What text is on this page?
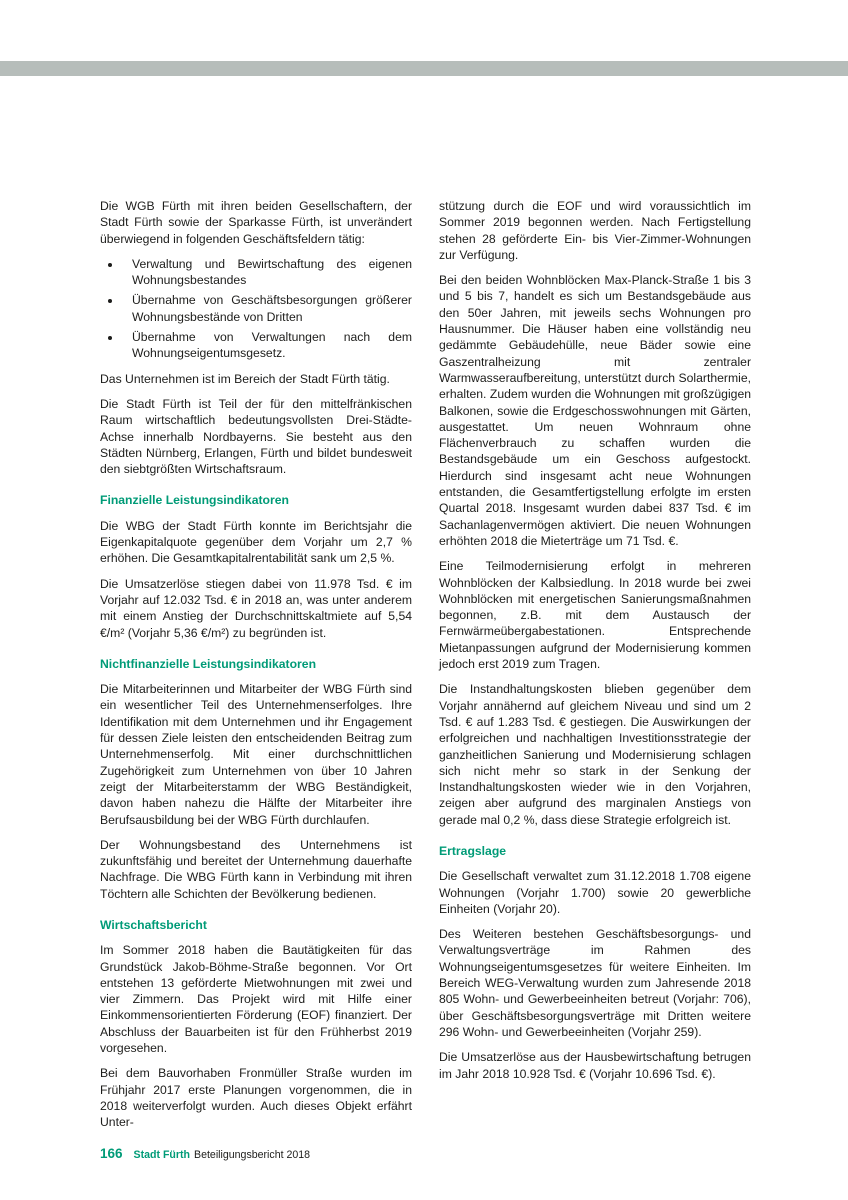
Die WGB Fürth mit ihren beiden Gesellschaftern, der Stadt Fürth sowie der Sparkasse Fürth, ist unverändert überwiegend in folgenden Geschäftsfeldern tätig:

• Verwaltung und Bewirtschaftung des eigenen Wohnungsbestandes
• Übernahme von Geschäftsbesorgungen größerer Wohnungsbestände von Dritten
• Übernahme von Verwaltungen nach dem Wohnungseigentumsgesetz.

Das Unternehmen ist im Bereich der Stadt Fürth tätig.

Die Stadt Fürth ist Teil der für den mittelfränkischen Raum wirtschaftlich bedeutungsvollsten Drei-Städte-Achse innerhalb Nordbayerns. Sie besteht aus den Städten Nürnberg, Erlangen, Fürth und bildet bundesweit den siebtgrößten Wirtschaftsraum.

Finanzielle Leistungsindikatoren

Die WBG der Stadt Fürth konnte im Berichtsjahr die Eigenkapitalquote gegenüber dem Vorjahr um 2,7 % erhöhen. Die Gesamtkapitalrentabilität sank um 2,5 %.

Die Umsatzerlöse stiegen dabei von 11.978 Tsd. € im Vorjahr auf 12.032 Tsd. € in 2018 an, was unter anderem mit einem Anstieg der Durchschnittskaltmiete auf 5,54 €/m² (Vorjahr 5,36 €/m²) zu begründen ist.

Nichtfinanzielle Leistungsindikatoren

Die Mitarbeiterinnen und Mitarbeiter der WBG Fürth sind ein wesentlicher Teil des Unternehmenserfolges. Ihre Identifikation mit dem Unternehmen und ihr Engagement für dessen Ziele leisten den entscheidenden Beitrag zum Unternehmenserfolg. Mit einer durchschnittlichen Zugehörigkeit zum Unternehmen von über 10 Jahren zeigt der Mitarbeiterstamm der WBG Beständigkeit, davon haben nahezu die Hälfte der Mitarbeiter ihre Berufsausbildung bei der WBG Fürth durchlaufen.

Der Wohnungsbestand des Unternehmens ist zukunftsfähig und bereitet der Unternehmung dauerhafte Nachfrage. Die WBG Fürth kann in Verbindung mit ihren Töchtern alle Schichten der Bevölkerung bedienen.

Wirtschaftsbericht

Im Sommer 2018 haben die Bautätigkeiten für das Grundstück Jakob-Böhme-Straße begonnen. Vor Ort entstehen 13 geförderte Mietwohnungen mit zwei und vier Zimmern. Das Projekt wird mit Hilfe einer Einkommensorientierten Förderung (EOF) finanziert. Der Abschluss der Bauarbeiten ist für den Frühherbst 2019 vorgesehen.

Bei dem Bauvorhaben Fronmüller Straße wurden im Frühjahr 2017 erste Planungen vorgenommen, die in 2018 weiterverfolgt wurden. Auch dieses Objekt erfährt Unter-

stützung durch die EOF und wird voraussichtlich im Sommer 2019 begonnen werden. Nach Fertigstellung stehen 28 geförderte Ein- bis Vier-Zimmer-Wohnungen zur Verfügung.

Bei den beiden Wohnblöcken Max-Planck-Straße 1 bis 3 und 5 bis 7, handelt es sich um Bestandsgebäude aus den 50er Jahren, mit jeweils sechs Wohnungen pro Hausnummer. Die Häuser haben eine vollständig neu gedämmte Gebäudehülle, neue Bäder sowie eine Gaszentralheizung mit zentraler Warmwasseraufbereitung, unterstützt durch Solarthermie, erhalten. Zudem wurden die Wohnungen mit großzügigen Balkonen, sowie die Erdgeschosswohnungen mit Gärten, ausgestattet. Um neuen Wohnraum ohne Flächenverbrauch zu schaffen wurden die Bestandsgebäude um ein Geschoss aufgestockt. Hierdurch sind insgesamt acht neue Wohnungen entstanden, die Gesamtfertigstellung erfolgte im ersten Quartal 2018. Insgesamt wurden dabei 837 Tsd. € im Sachanlagenvermögen aktiviert. Die neuen Wohnungen erhöhten 2018 die Mieterträge um 71 Tsd. €.

Eine Teilmodernisierung erfolgt in mehreren Wohnblöcken der Kalbsiedlung. In 2018 wurde bei zwei Wohnblöcken mit energetischen Sanierungsmaßnahmen begonnen, z.B. mit dem Austausch der Fernwärmeübergabestationen. Entsprechende Mietanpassungen aufgrund der Modernisierung kommen jedoch erst 2019 zum Tragen.

Die Instandhaltungskosten blieben gegenüber dem Vorjahr annähernd auf gleichem Niveau und sind um 2 Tsd. € auf 1.283 Tsd. € gestiegen. Die Auswirkungen der erfolgreichen und nachhaltigen Investitionsstrategie der ganzheitlichen Sanierung und Modernisierung schlagen sich nicht mehr so stark in der Senkung der Instandhaltungskosten wieder wie in den Vorjahren, zeigen aber aufgrund des marginalen Anstiegs von gerade mal 0,2 %, dass diese Strategie erfolgreich ist.

Ertragslage

Die Gesellschaft verwaltet zum 31.12.2018 1.708 eigene Wohnungen (Vorjahr 1.700) sowie 20 gewerbliche Einheiten (Vorjahr 20).

Des Weiteren bestehen Geschäftsbesorgungs- und Verwaltungsverträge im Rahmen des Wohnungseigentumsgesetzes für weitere Einheiten. Im Bereich WEG-Verwaltung wurden zum Jahresende 2018 805 Wohn- und Gewerbeeinheiten betreut (Vorjahr: 706), über Geschäftsbesorgungsverträge mit Dritten weitere 296 Wohn- und Gewerbeeinheiten (Vorjahr 259).

Die Umsatzerlöse aus der Hausbewirtschaftung betrugen im Jahr 2018 10.928 Tsd. € (Vorjahr 10.696 Tsd. €).

166 Stadt Fürth Beteiligungsbericht 2018
